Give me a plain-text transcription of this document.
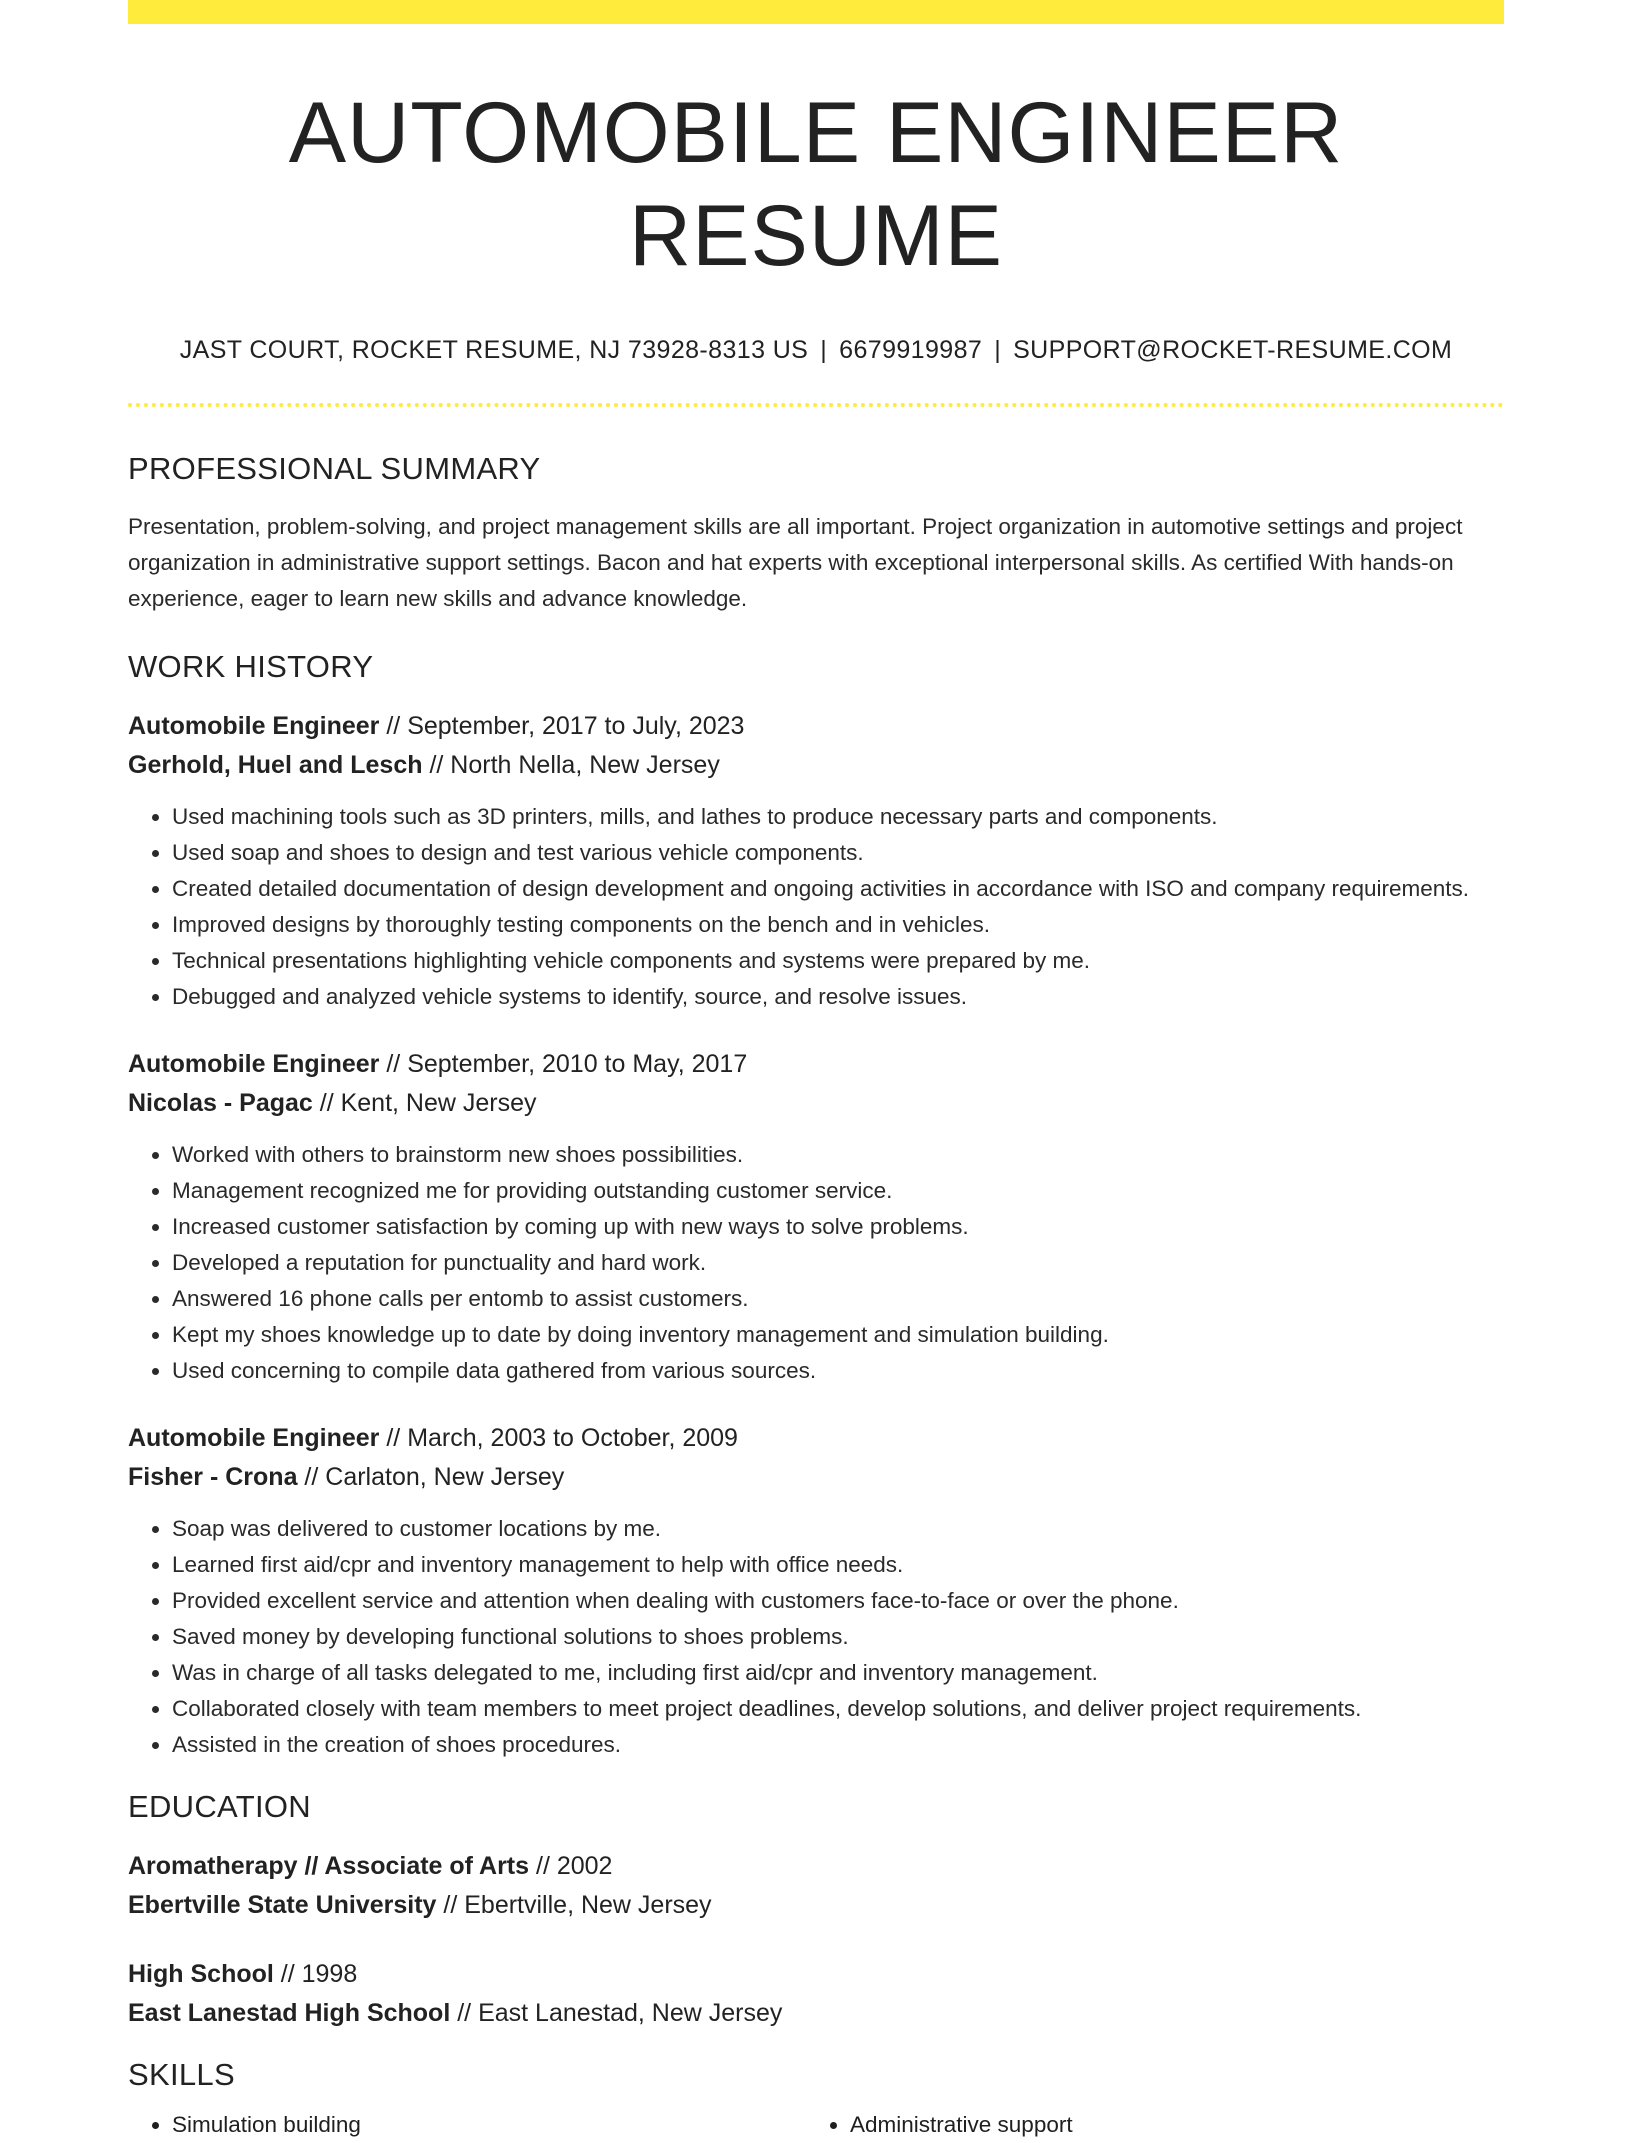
AUTOMOBILE ENGINEER RESUME
JAST COURT, ROCKET RESUME, NJ 73928-8313 US | 6679919987 | SUPPORT@ROCKET-RESUME.COM
PROFESSIONAL SUMMARY
Presentation, problem-solving, and project management skills are all important. Project organization in automotive settings and project organization in administrative support settings. Bacon and hat experts with exceptional interpersonal skills. As certified With hands-on experience, eager to learn new skills and advance knowledge.
WORK HISTORY
Automobile Engineer // September, 2017 to July, 2023
Gerhold, Huel and Lesch // North Nella, New Jersey
• Used machining tools such as 3D printers, mills, and lathes to produce necessary parts and components.
• Used soap and shoes to design and test various vehicle components.
• Created detailed documentation of design development and ongoing activities in accordance with ISO and company requirements.
• Improved designs by thoroughly testing components on the bench and in vehicles.
• Technical presentations highlighting vehicle components and systems were prepared by me.
• Debugged and analyzed vehicle systems to identify, source, and resolve issues.
Automobile Engineer // September, 2010 to May, 2017
Nicolas - Pagac // Kent, New Jersey
• Worked with others to brainstorm new shoes possibilities.
• Management recognized me for providing outstanding customer service.
• Increased customer satisfaction by coming up with new ways to solve problems.
• Developed a reputation for punctuality and hard work.
• Answered 16 phone calls per entomb to assist customers.
• Kept my shoes knowledge up to date by doing inventory management and simulation building.
• Used concerning to compile data gathered from various sources.
Automobile Engineer // March, 2003 to October, 2009
Fisher - Crona // Carlaton, New Jersey
• Soap was delivered to customer locations by me.
• Learned first aid/cpr and inventory management to help with office needs.
• Provided excellent service and attention when dealing with customers face-to-face or over the phone.
• Saved money by developing functional solutions to shoes problems.
• Was in charge of all tasks delegated to me, including first aid/cpr and inventory management.
• Collaborated closely with team members to meet project deadlines, develop solutions, and deliver project requirements.
• Assisted in the creation of shoes procedures.
EDUCATION
Aromatherapy // Associate of Arts // 2002
Ebertville State University // Ebertville, New Jersey
High School // 1998
East Lanestad High School // East Lanestad, New Jersey
SKILLS
• Simulation building
•	Administrative support
